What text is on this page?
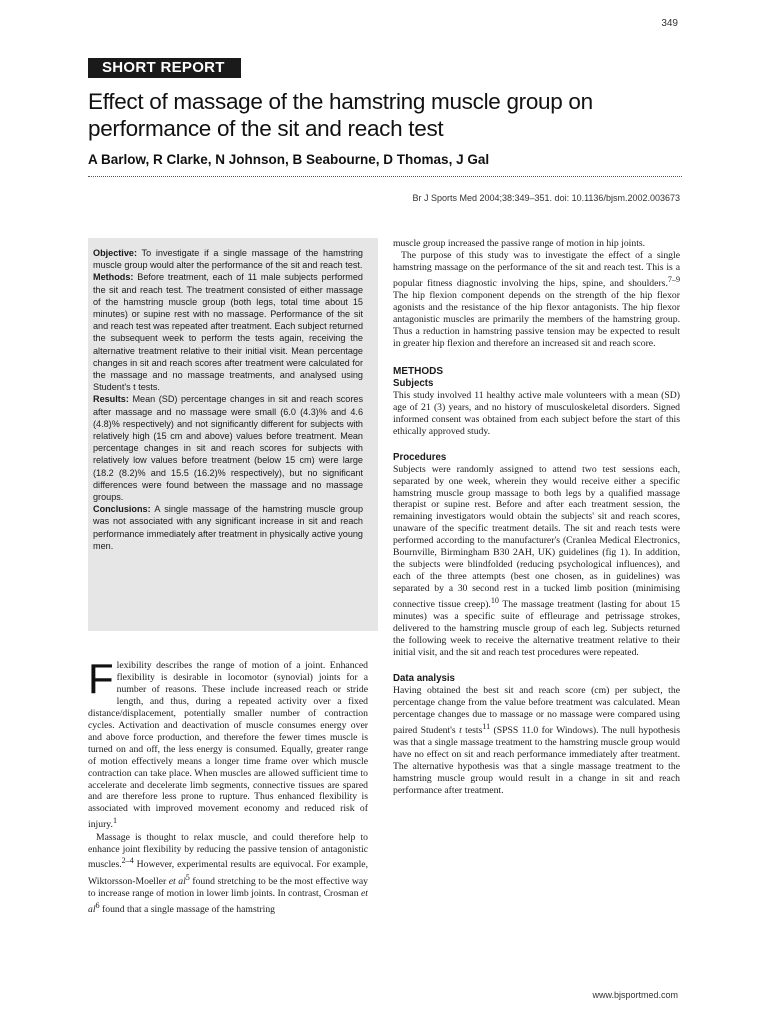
349
SHORT REPORT
Effect of massage of the hamstring muscle group on performance of the sit and reach test
A Barlow, R Clarke, N Johnson, B Seabourne, D Thomas, J Gal
Br J Sports Med 2004;38:349–351. doi: 10.1136/bjsm.2002.003673

Objective: To investigate if a single massage of the hamstring muscle group would alter the performance of the sit and reach test.

Methods: Before treatment, each of 11 male subjects performed the sit and reach test. The treatment consisted of either massage of the hamstring muscle group (both legs, total time about 15 minutes) or supine rest with no massage. Performance of the sit and reach test was repeated after treatment. Each subject returned the subsequent week to perform the tests again, receiving the alternative treatment relative to their initial visit. Mean percentage changes in sit and reach scores after treatment were calculated for the massage and no massage treatments, and analysed using Student's t tests.

Results: Mean (SD) percentage changes in sit and reach scores after massage and no massage were small (6.0 (4.3)% and 4.6 (4.8)% respectively) and not significantly different for subjects with relatively high (15 cm and above) values before treatment. Mean percentage changes in sit and reach scores for subjects with relatively low values before treatment (below 15 cm) were large (18.2 (8.2)% and 15.5 (16.2)% respectively), but no significant differences were found between the massage and no massage groups.

Conclusions: A single massage of the hamstring muscle group was not associated with any significant increase in sit and reach performance immediately after treatment in physically active young men.

Flexibility describes the range of motion of a joint. Enhanced flexibility is desirable in locomotor (synovial) joints for a number of reasons. These include increased reach or stride length, and thus, during a repeated activity over a fixed distance/displacement, potentially smaller number of contraction cycles. Activation and deactivation of muscle consumes energy over and above force production, and therefore the fewer times muscle is turned on and off, the less energy is consumed. Equally, greater range of motion effectively means a longer time frame over which muscle contraction can take place. When muscles are allowed sufficient time to accelerate and decelerate limb segments, connective tissues are spared and are therefore less prone to rupture. Thus enhanced flexibility is associated with improved movement economy and reduced risk of injury.$^1$

Massage is thought to relax muscle, and could therefore help to enhance joint flexibility by reducing the passive tension of antagonistic muscles.$^{2-4}$ However, experimental results are equivocal. For example, Wiktorsson-Moeller et $al^5$ found stretching to be the most effective way to increase range of motion in lower limb joints. In contrast, Crosman et $al^6$ found that a single massage of the hamstring

muscle group increased the passive range of motion in hip joints.

The purpose of this study was to investigate the effect of a single hamstring massage on the performance of the sit and reach test. This is a popular fitness diagnostic involving the hips, spine, and shoulders.$^{7-9}$ The hip flexion component depends on the strength of the hip flexor agonists and the resistance of the hip flexor antagonists. The hip flexor antagonistic muscles are primarily the members of the hamstring group. Thus a reduction in hamstring passive tension may be expected to result in greater hip flexion and therefore an increased sit and reach score.

METHODS
Subjects

This study involved 11 healthy active male volunteers with a mean (SD) age of 21 (3) years, and no history of musculoskeletal disorders. Signed informed consent was obtained from each subject before the start of this ethically approved study.

Procedures

Subjects were randomly assigned to attend two test sessions each, separated by one week, wherein they would receive either a specific hamstring muscle group massage to both legs by a qualified massage therapist or supine rest. Before and after each treatment session, the remaining investigators would obtain the subjects' sit and reach scores, unaware of the specific treatment details. The sit and reach tests were performed according to the manufacturer's (Cranlea Medical Electronics, Bournville, Birmingham B30 2AH, UK) guidelines (fig 1). In addition, the subjects were blindfolded (reducing psychological influences), and each of the three attempts (best one chosen, as in guidelines) was separated by a 30 second rest in a tucked limb position (minimising connective tissue creep).$^{10}$ The massage treatment (lasting for about 15 minutes) was a specific suite of effleurage and petrissage strokes, delivered to the hamstring muscle group of each leg. Subjects returned the following week to receive the alternative treatment relative to their initial visit, and the sit and reach test procedures were repeated.

Data analysis

Having obtained the best sit and reach score (cm) per subject, the percentage change from the value before treatment was calculated. Mean percentage changes due to massage or no massage were compared using paired Student's t tests$^{11}$ (SPSS 11.0 for Windows). The null hypothesis was that a single massage treatment to the hamstring muscle group would have no effect on sit and reach performance immediately after treatment. The alternative hypothesis was that a single massage treatment to the hamstring muscle group would result in a change in sit and reach performance after treatment.

www.bjsportmed.com
